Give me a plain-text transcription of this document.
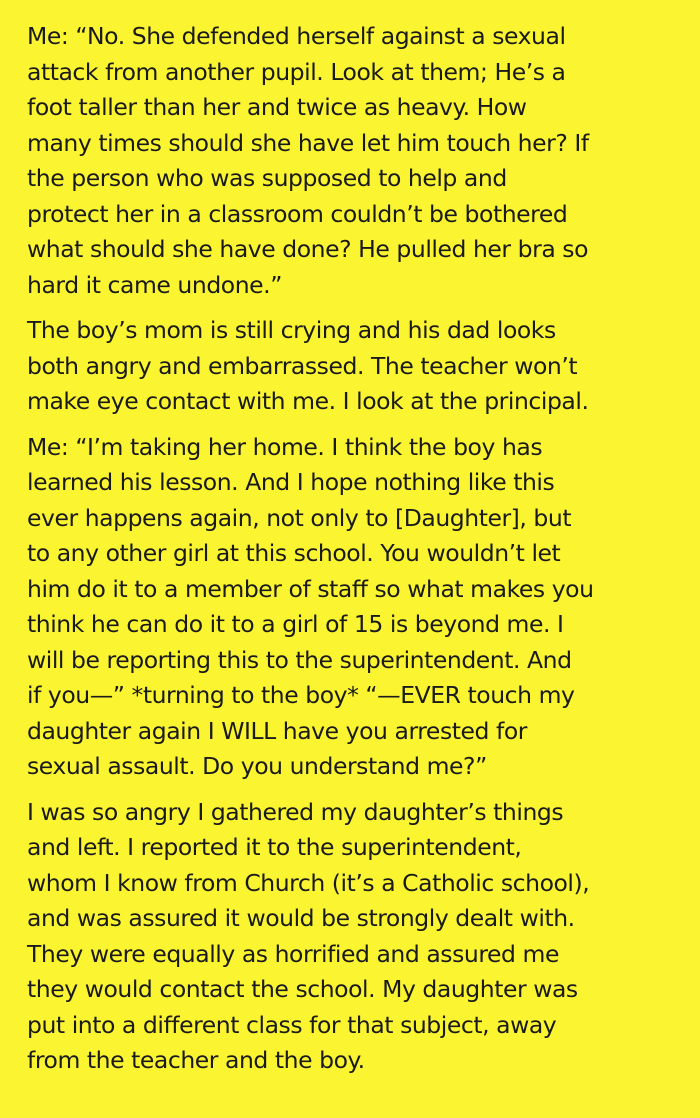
Me: “No. She defended herself against a sexual
attack from another pupil. Look at them; He’s a
foot taller than her and twice as heavy. How
many times should she have let him touch her? If
the person who was supposed to help and
protect her in a classroom couldn’t be bothered
what should she have done? He pulled her bra so
hard it came undone.”

The boy’s mom is still crying and his dad looks
both angry and embarrassed. The teacher won’t
make eye contact with me. I look at the principal.

Me: “I’m taking her home. I think the boy has
learned his lesson. And I hope nothing like this
ever happens again, not only to [Daughter], but
to any other girl at this school. You wouldn’t let
him do it to a member of staff so what makes you
think he can do it to a girl of 15 is beyond me. I
will be reporting this to the superintendent. And
if you—” *turning to the boy* “—EVER touch my
daughter again I WILL have you arrested for
sexual assault. Do you understand me?”

I was so angry I gathered my daughter’s things
and left. I reported it to the superintendent,
whom I know from Church (it’s a Catholic school),
and was assured it would be strongly dealt with.
They were equally as horrified and assured me
they would contact the school. My daughter was
put into a different class for that subject, away
from the teacher and the boy.
